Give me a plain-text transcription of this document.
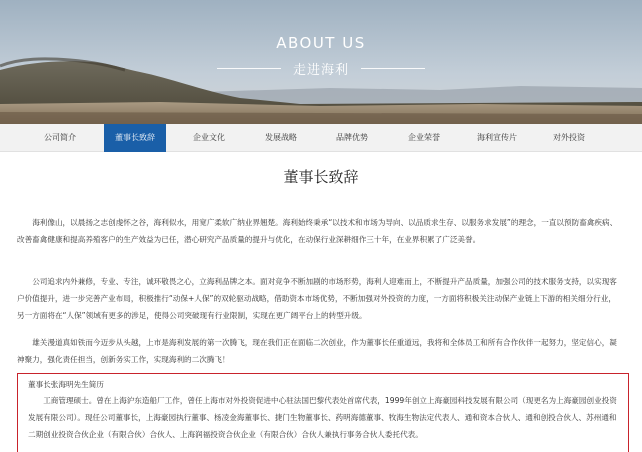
ABOUT US
走进海利
公司简介	董事长致辞	企业文化	发展战略	品牌优势	企业荣誉	海利宣传片	对外投资
董事长致辞

海利像山，以晨扬之志创虔怀之谷，海利似水，用宽广柔软广纳业界翘楚。海利始终秉承“以技术和市场为导向、以品质求生存、以服务求发展”的理念，一直以预防畜禽疾病、改善畜禽健康和提高养殖客户的生产效益为已任，潜心研究产品质量的提升与优化，在动保行业深耕细作三十年，在业界积累了广泛美誉。

公司追求内外兼修，专业、专注，诚环敬畏之心，立海利品牌之本。面对竞争不断加剧的市场形势，海利人迎难而上，不断提升产品质量，加强公司的技术服务支持，以实现客户价值提升，进一步完善产业布局，积极推行“动保+人保”的双轮驱动战略，借助资本市场优势，不断加强对外投资的力度，一方面将积极关注动保产业链上下游的相关细分行业，另一方面将在“人保”领域有更多的涉足，使得公司突破现有行业限制，实现在更广阔平台上的转型升级。

雄关漫道真如铁而今迈步从头越，上市是海利发展的第一次腾飞，现在我们正在面临二次创业，作为董事长任重道远，我将和全体员工和所有合作伙伴一起努力，坚定信心，凝神聚力，强化责任担当，创新务实工作，实现海利的二次腾飞！

董事长张海明先生简历
工商管理硕士。曾在上海沪东造船厂工作，曾任上海市对外投资促进中心驻法国巴黎代表处首席代表，1999年创立上海豪园科技发展有限公司（现更名为上海豪园创业投资发展有限公司）。现任公司董事长，上海豪园执行董事、杨凌金海董事长、捷门生物董事长、药明海德董事、牧海生物法定代表人、通和资本合伙人、通和创投合伙人、苏州通和二期创业投资合伙企业（有限合伙）合伙人、上海润福投资合伙企业（有限合伙）合伙人兼执行事务合伙人委托代表。
